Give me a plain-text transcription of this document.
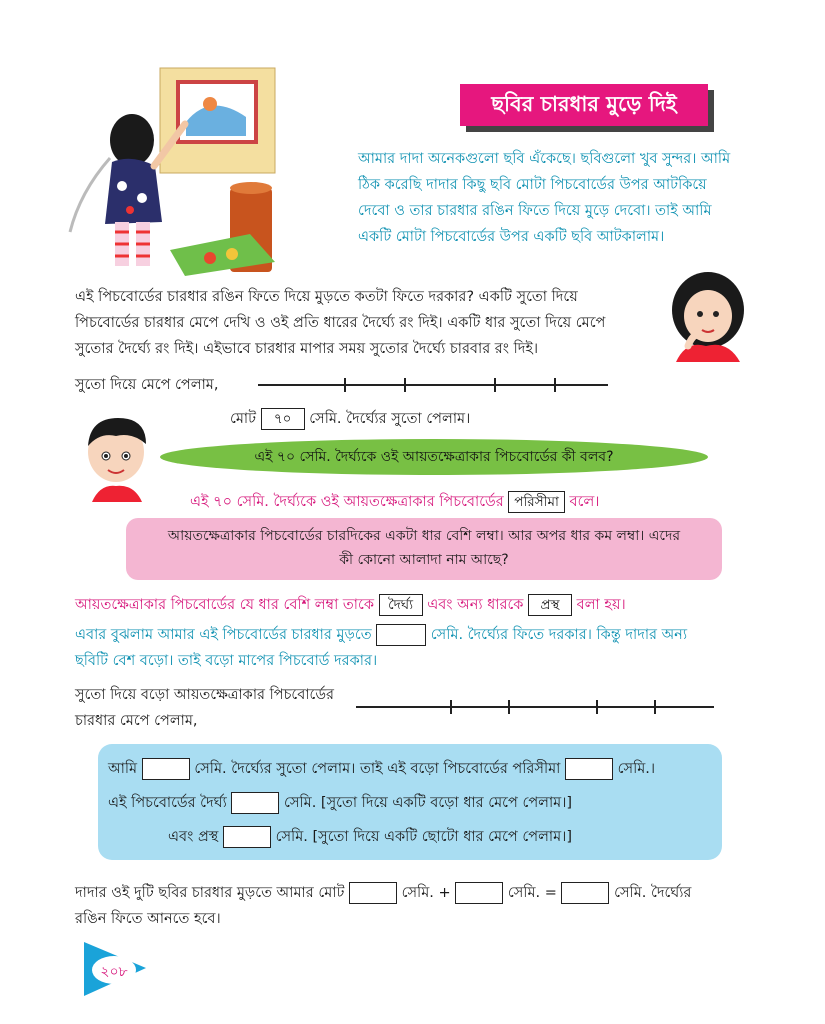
ছবির চারধার মুড়ে দিই
আমার দাদা অনেকগুলো ছবি এঁকেছে। ছবিগুলো খুব সুন্দর। আমি
ঠিক করেছি দাদার কিছু ছবি মোটা পিচবোর্ডের উপর আটকিয়ে
দেবো ও তার চারধার রঙিন ফিতে দিয়ে মুড়ে দেবো। তাই আমি
একটি মোটা পিচবোর্ডের উপর একটি ছবি আটকালাম।
এই পিচবোর্ডের চারধার রঙিন ফিতে দিয়ে মুড়তে কতটা ফিতে দরকার? একটি সুতো দিয়ে
পিচবোর্ডের চারধার মেপে দেখি ও ওই প্রতি ধারের দৈর্ঘ্যে রং দিই। একটি ধার সুতো দিয়ে মেপে
সুতোর দৈর্ঘ্যে রং দিই। এইভাবে চারধার মাপার সময় সুতোর দৈর্ঘ্যে চারবার রং দিই।
সুতো দিয়ে মেপে পেলাম,
মোট ৭০ সেমি. দৈর্ঘ্যের সুতো পেলাম।
এই ৭০ সেমি. দৈর্ঘ্যকে ওই আয়তক্ষেত্রাকার পিচবোর্ডের কী বলব?
এই ৭০ সেমি. দৈর্ঘ্যকে ওই আয়তক্ষেত্রাকার পিচবোর্ডের পরিসীমা বলে।
আয়তক্ষেত্রাকার পিচবোর্ডের চারদিকের একটা ধার বেশি লম্বা। আর অপর ধার কম লম্বা। এদের
কী কোনো আলাদা নাম আছে?
আয়তক্ষেত্রাকার পিচবোর্ডের যে ধার বেশি লম্বা তাকে দৈর্ঘ্য এবং অন্য ধারকে প্রস্থ বলা হয়।
এবার বুঝলাম আমার এই পিচবোর্ডের চারধার মুড়তে	সেমি. দৈর্ঘ্যের ফিতে দরকার। কিন্তু দাদার অন্য
ছবিটি বেশ বড়ো। তাই বড়ো মাপের পিচবোর্ড দরকার।
সুতো দিয়ে বড়ো আয়তক্ষেত্রাকার পিচবোর্ডের
চারধার মেপে পেলাম,
আমি	সেমি. দৈর্ঘ্যের সুতো পেলাম। তাই এই বড়ো পিচবোর্ডের পরিসীমা	সেমি.।
এই পিচবোর্ডের দৈর্ঘ্য	সেমি. [সুতো দিয়ে একটি বড়ো ধার মেপে পেলাম।]
এবং প্রস্থ	সেমি. [সুতো দিয়ে একটি ছোটো ধার মেপে পেলাম।]
দাদার ওই দুটি ছবির চারধার মুড়তে আমার মোট	সেমি. +	সেমি. =	সেমি. দৈর্ঘ্যের
রঙিন ফিতে আনতে হবে।
২০৮
